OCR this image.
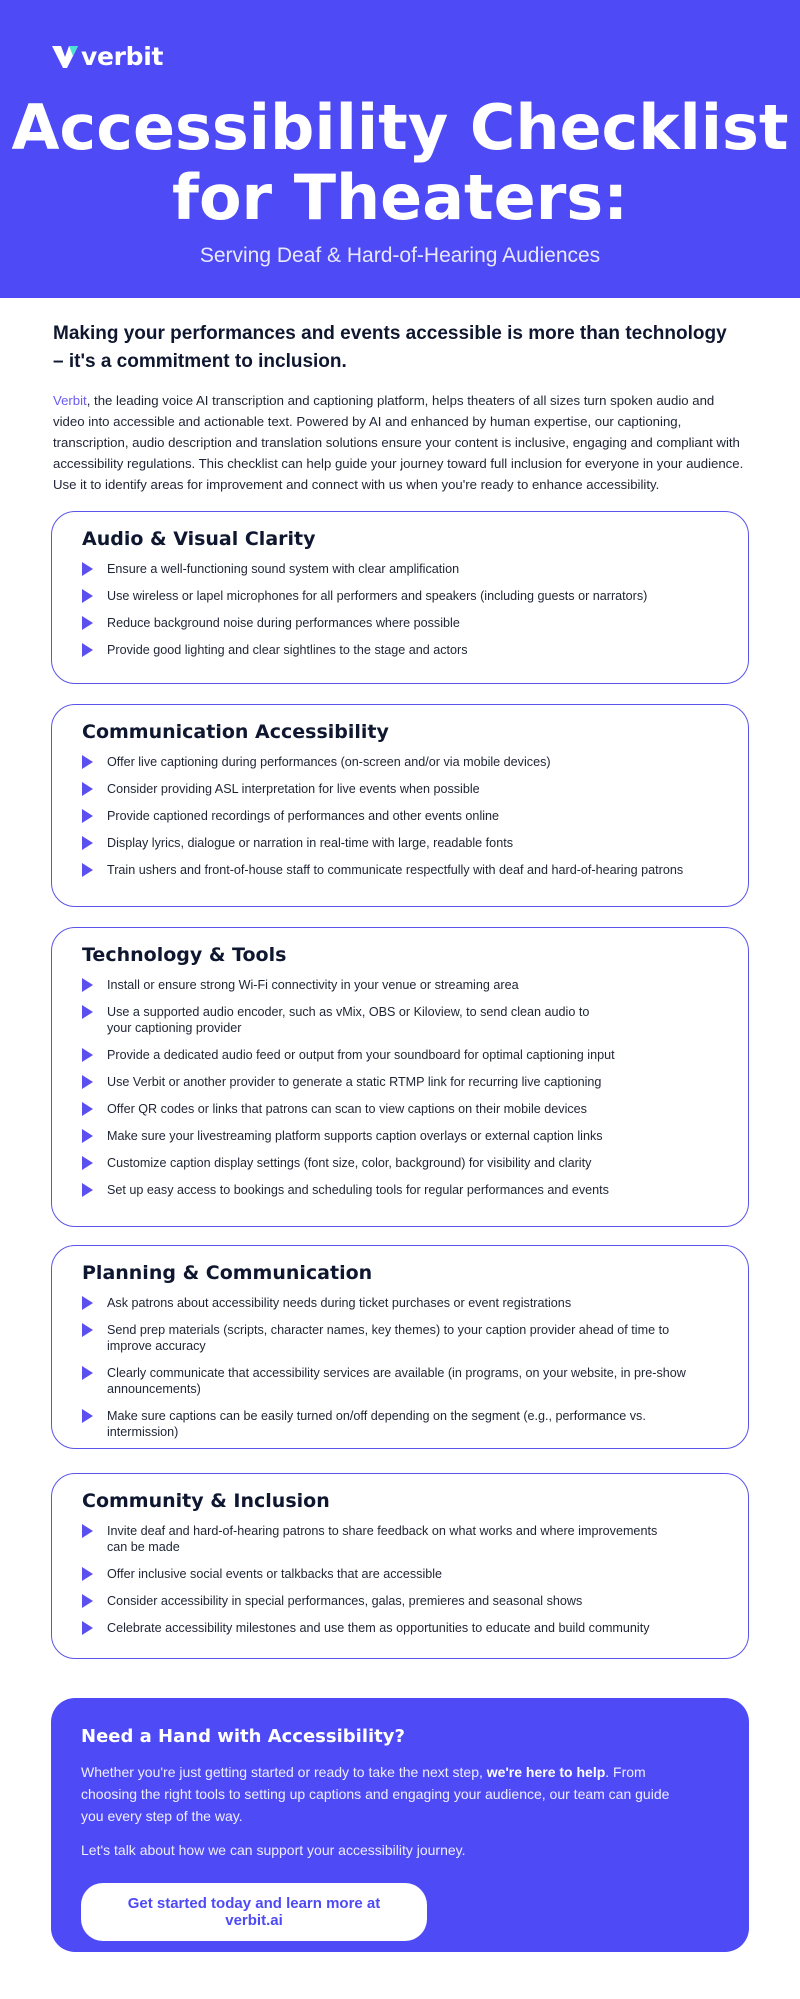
verbit
Accessibility Checklist
for Theaters:
Serving Deaf & Hard-of-Hearing Audiences
Making your performances and events accessible is more than technology – it's a commitment to inclusion.

Verbit, the leading voice AI transcription and captioning platform, helps theaters of all sizes turn spoken audio and video into accessible and actionable text. Powered by AI and enhanced by human expertise, our captioning, transcription, audio description and translation solutions ensure your content is inclusive, engaging and compliant with accessibility regulations. This checklist can help guide your journey toward full inclusion for everyone in your audience. Use it to identify areas for improvement and connect with us when you're ready to enhance accessibility.

Audio & Visual Clarity
Ensure a well-functioning sound system with clear amplification
Use wireless or lapel microphones for all performers and speakers (including guests or narrators)
Reduce background noise during performances where possible
Provide good lighting and clear sightlines to the stage and actors
Communication Accessibility
Offer live captioning during performances (on-screen and/or via mobile devices)
Consider providing ASL interpretation for live events when possible
Provide captioned recordings of performances and other events online
Display lyrics, dialogue or narration in real-time with large, readable fonts
Train ushers and front-of-house staff to communicate respectfully with deaf and hard-of-hearing patrons
Technology & Tools
Install or ensure strong Wi-Fi connectivity in your venue or streaming area
Use a supported audio encoder, such as vMix, OBS or Kiloview, to send clean audio to your captioning provider
Provide a dedicated audio feed or output from your soundboard for optimal captioning input
Use Verbit or another provider to generate a static RTMP link for recurring live captioning
Offer QR codes or links that patrons can scan to view captions on their mobile devices
Make sure your livestreaming platform supports caption overlays or external caption links
Customize caption display settings (font size, color, background) for visibility and clarity
Set up easy access to bookings and scheduling tools for regular performances and events
Planning & Communication
Ask patrons about accessibility needs during ticket purchases or event registrations
Send prep materials (scripts, character names, key themes) to your caption provider ahead of time to improve accuracy
Clearly communicate that accessibility services are available (in programs, on your website, in pre-show announcements)
Make sure captions can be easily turned on/off depending on the segment (e.g., performance vs. intermission)
Community & Inclusion
Invite deaf and hard-of-hearing patrons to share feedback on what works and where improvements can be made
Offer inclusive social events or talkbacks that are accessible
Consider accessibility in special performances, galas, premieres and seasonal shows
Celebrate accessibility milestones and use them as opportunities to educate and build community
Need a Hand with Accessibility?

Whether you're just getting started or ready to take the next step, we're here to help. From choosing the right tools to setting up captions and engaging your audience, our team can guide you every step of the way.

Let's talk about how we can support your accessibility journey.

Get started today and learn more at verbit.ai
